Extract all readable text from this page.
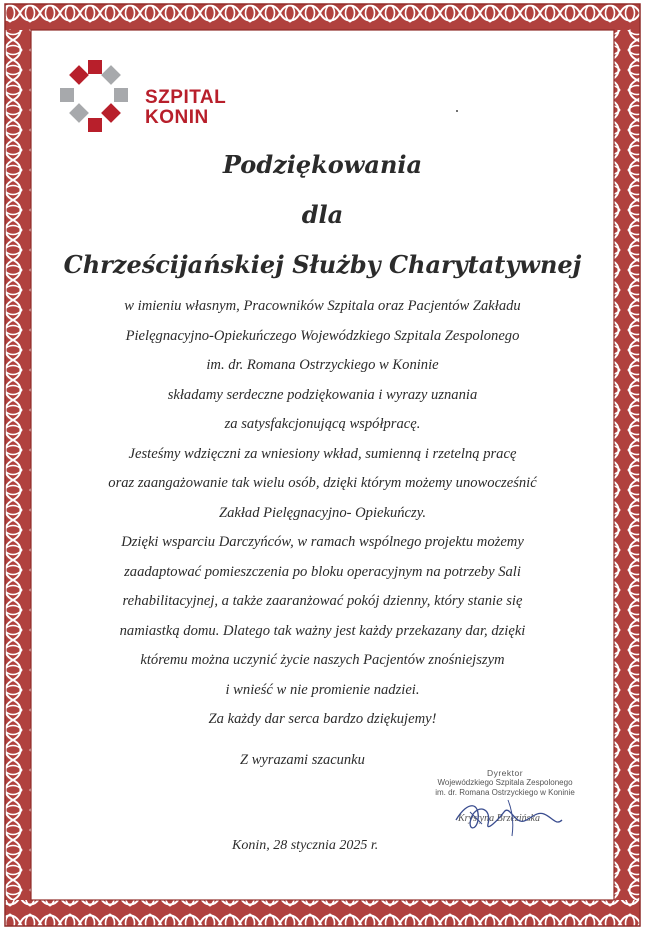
SZPITAL
KONIN
Podziękowania
dla
Chrześcijańskiej Służby Charytatywnej
w imieniu własnym, Pracowników Szpitala oraz Pacjentów Zakładu
Pielęgnacyjno-Opiekuńczego Wojewódzkiego Szpitala Zespolonego
im. dr. Romana Ostrzyckiego w Koninie
składamy serdeczne podziękowania i wyrazy uznania
za satysfakcjonującą współpracę.
Jesteśmy wdzięczni za wniesiony wkład, sumienną i rzetelną pracę
oraz zaangażowanie tak wielu osób, dzięki którym możemy unowocześnić
Zakład Pielęgnacyjno- Opiekuńczy.
Dzięki wsparciu Darczyńców, w ramach wspólnego projektu możemy
zaadaptować pomieszczenia po bloku operacyjnym na potrzeby Sali
rehabilitacyjnej, a także zaaranżować pokój dzienny, który stanie się
namiastką domu. Dlatego tak ważny jest każdy przekazany dar, dzięki
któremu można uczynić życie naszych Pacjentów znośniejszym
i wnieść w nie promienie nadziei.
Za każdy dar serca bardzo dziękujemy!
Z wyrazami szacunku
Dyrektor
Wojewódzkiego Szpitala Zespolonego
im. dr. Romana Ostrzyckiego w Koninie
Krystyna Brzezińska
Konin, 28 stycznia 2025 r.
